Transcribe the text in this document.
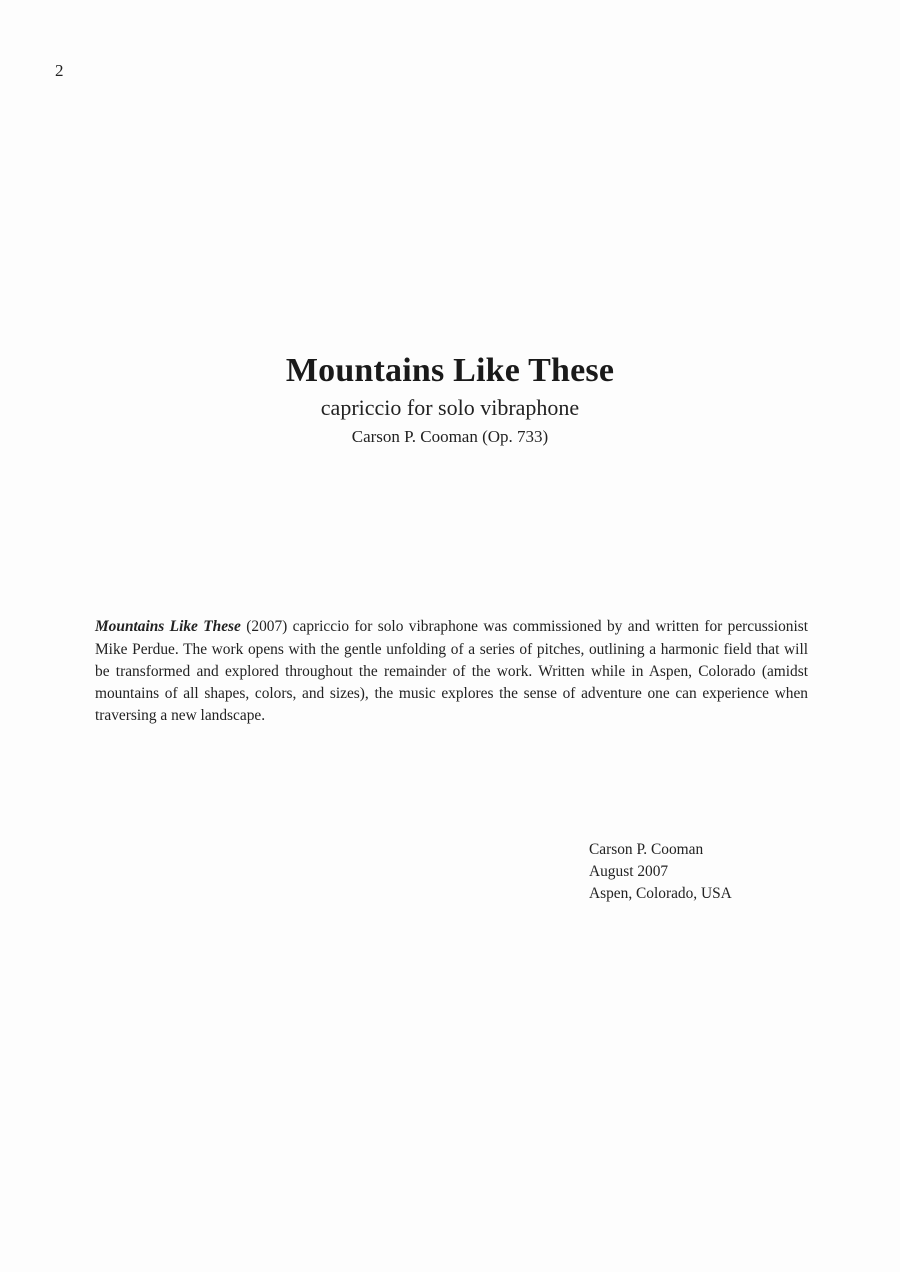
2
Mountains Like These

capriccio for solo vibraphone

Carson P. Cooman (Op. 733)

Mountains Like These (2007) capriccio for solo vibraphone was commissioned by and written for percussionist Mike Perdue. The work opens with the gentle unfolding of a series of pitches, outlining a harmonic field that will be transformed and explored throughout the remainder of the work. Written while in Aspen, Colorado (amidst mountains of all shapes, colors, and sizes), the music explores the sense of adventure one can experience when traversing a new landscape.

Carson P. Cooman
August 2007
Aspen, Colorado, USA
